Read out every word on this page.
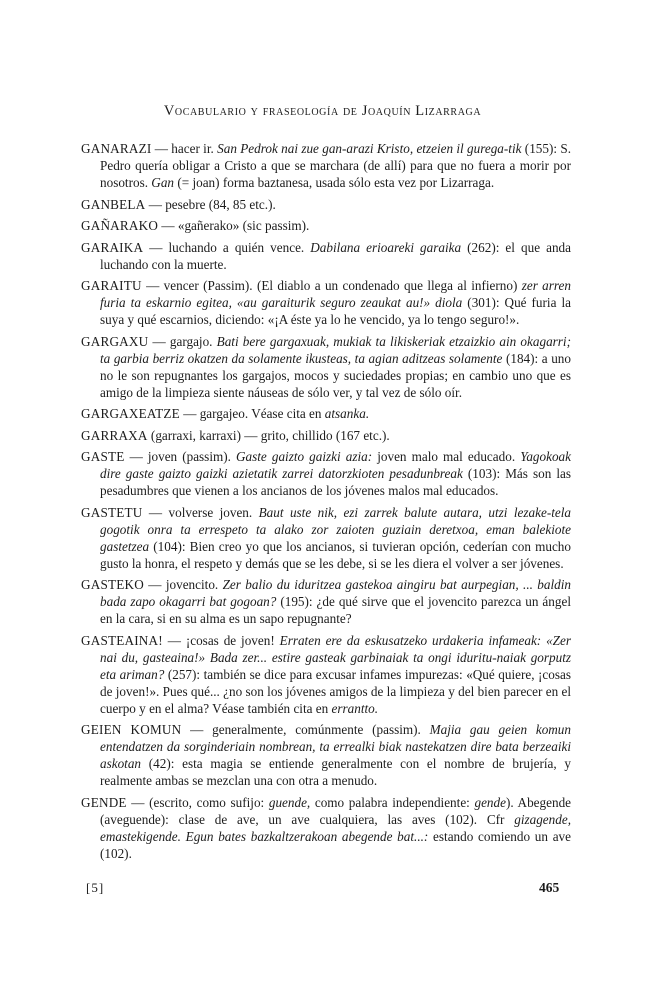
Vocabulario y fraseología de Joaquín Lizarraga

GANARAZI — hacer ir. San Pedrok nai zue gan-arazi Kristo, etzeien il gurega-tik (155): S. Pedro quería obligar a Cristo a que se marchara (de allí) para que no fuera a morir por nosotros. Gan (= joan) forma baztanesa, usada sólo esta vez por Lizarraga.

GANBELA — pesebre (84, 85 etc.).

GAÑARAKO — «gañerako» (sic passim).

GARAIKA — luchando a quién vence. Dabilana erioareki garaika (262): el que anda luchando con la muerte.

GARAITU — vencer (Passim). (El diablo a un condenado que llega al infierno) zer arren furia ta eskarnio egitea, «au garaiturik seguro zeaukat au!» diola (301): Qué furia la suya y qué escarnios, diciendo: «¡A éste ya lo he vencido, ya lo tengo seguro!».

GARGAXU — gargajo. Bati bere gargaxuak, mukiak ta likiskeriak etzaizkio ain okagarri; ta garbia berriz okatzen da solamente ikusteas, ta agian aditzeas solamente (184): a uno no le son repugnantes los gargajos, mocos y suciedades propias; en cambio uno que es amigo de la limpieza siente náuseas de sólo ver, y tal vez de sólo oír.

GARGAXEATZE — gargajeo. Véase cita en atsanka.

GARRAXA (garraxi, karraxi) — grito, chillido (167 etc.).

GASTE — joven (passim). Gaste gaizto gaizki azia: joven malo mal educado. Yagokoak dire gaste gaizto gaizki azietatik zarrei datorzkioten pesadunbreak (103): Más son las pesadumbres que vienen a los ancianos de los jóvenes malos mal educados.

GASTETU — volverse joven. Baut uste nik, ezi zarrek balute autara, utzi lezake-tela gogotik onra ta errespeto ta alako zor zaioten guziain deretxoa, eman balekiote gastetzea (104): Bien creo yo que los ancianos, si tuvieran opción, cederían con mucho gusto la honra, el respeto y demás que se les debe, si se les diera el volver a ser jóvenes.

GASTEKO — jovencito. Zer balio du iduritzea gastekoa aingiru bat aurpegian, ... baldin bada zapo okagarri bat gogoan? (195): ¿de qué sirve que el jovencito parezca un ángel en la cara, si en su alma es un sapo repugnante?

GASTEAINA! — ¡cosas de joven! Erraten ere da eskusatzeko urdakeria infameak: «Zer nai du, gasteaina!» Bada zer... estire gasteak garbinaiak ta ongi iduritu-naiak gorputz eta ariman? (257): también se dice para excusar infames impurezas: «Qué quiere, ¡cosas de joven!». Pues qué... ¿no son los jóvenes amigos de la limpieza y del bien parecer en el cuerpo y en el alma? Véase también cita en errantto.

GEIEN KOMUN — generalmente, comúnmente (passim). Majia gau geien komun entendatzen da sorginderiain nombrean, ta errealki biak nastekatzen dire bata berzeaiki askotan (42): esta magia se entiende generalmente con el nombre de brujería, y realmente ambas se mezclan una con otra a menudo.

GENDE — (escrito, como sufijo: guende, como palabra independiente: gende). Abegende (aveguende): clase de ave, un ave cualquiera, las aves (102). Cfr gizagende, emastekigende. Egun bates bazkaltzerakoan abegende bat...: estando comiendo un ave (102).

[5]	465
